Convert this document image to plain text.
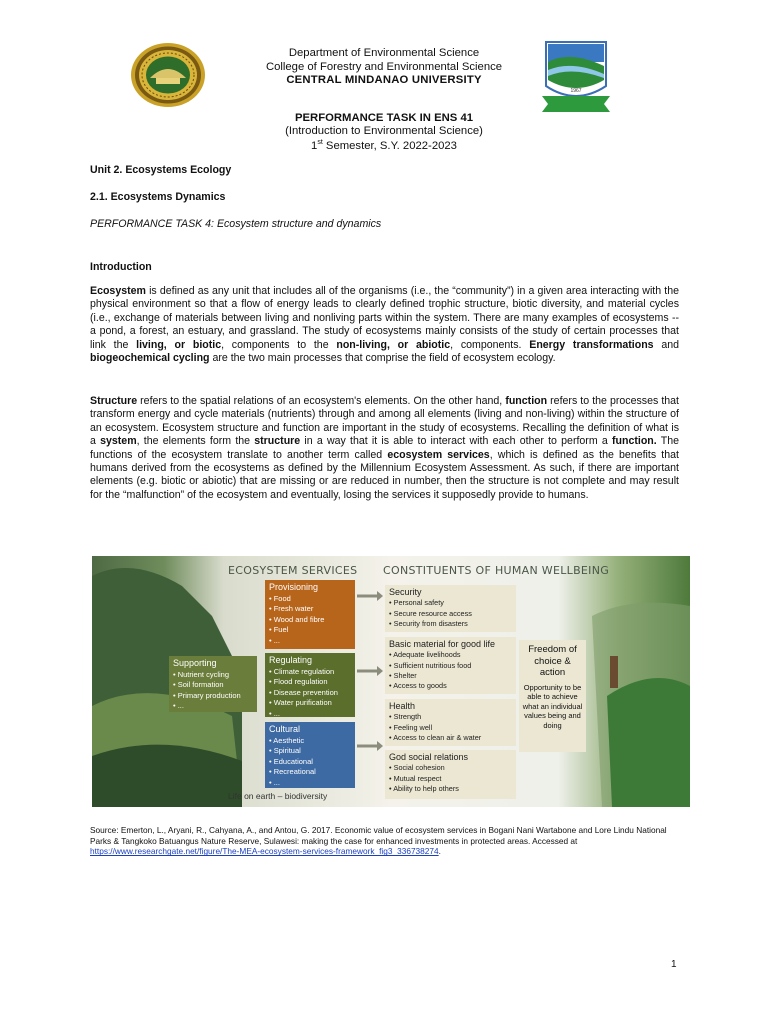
1967
Department of Environmental Science
College of Forestry and Environmental Science
CENTRAL MINDANAO UNIVERSITY
PERFORMANCE TASK IN ENS 41
(Introduction to Environmental Science)
1st Semester, S.Y. 2022-2023
Unit 2. Ecosystems Ecology
2.1. Ecosystems Dynamics
PERFORMANCE TASK 4: Ecosystem structure and dynamics
Introduction
Ecosystem is defined as any unit that includes all of the organisms (i.e., the “community”) in a given area interacting with the physical environment so that a flow of energy leads to clearly defined trophic structure, biotic diversity, and material cycles (i.e., exchange of materials between living and nonliving parts within the system. There are many examples of ecosystems -- a pond, a forest, an estuary, and grassland. The study of ecosystems mainly consists of the study of certain processes that link the living, or biotic, components to the non-living, or abiotic, components. Energy transformations and biogeochemical cycling are the two main processes that comprise the field of ecosystem ecology.
Structure refers to the spatial relations of an ecosystem's elements. On the other hand, function refers to the processes that transform energy and cycle materials (nutrients) through and among all elements (living and non-living) within the structure of an ecosystem. Ecosystem structure and function are important in the study of ecosystems. Recalling the definition of what is a system, the elements form the structure in a way that it is able to interact with each other to perform a function. The functions of the ecosystem translate to another term called ecosystem services, which is defined as the benefits that humans derived from the ecosystems as defined by the Millennium Ecosystem Assessment. As such, if there are important elements (e.g. biotic or abiotic) that are missing or are reduced in number, then the structure is not complete and may result for the “malfunction” of the ecosystem and eventually, losing the services it supposedly provide to humans.
ECOSYSTEM SERVICES CONSTITUENTS OF HUMAN WELLBEING
Provisioning
• Food
• Fresh water
• Wood and fibre
• Fuel
• ...
Supporting
• Nutrient cycling
• Soil formation
• Primary production
• ...
Regulating
• Climate regulation
• Flood regulation
• Disease prevention
• Water purification
• ...
Cultural
• Aesthetic
• Spiritual
• Educational
• Recreational
• ...
Security
• Personal safety
• Secure resource access
• Security from disasters
Basic material for good life
• Adequate livelihoods
• Sufficient nutritious food
• Shelter
• Access to goods
Health
• Strength
• Feeling well
• Access to clean air & water
God social relations
• Social cohesion
• Mutual respect
• Ability to help others
Freedom of choice & action
Opportunity to be able to achieve what an individual values being and doing
Life on earth – biodiversity
Source: Emerton, L., Aryani, R., Cahyana, A., and Antou, G. 2017. Economic value of ecosystem services in Bogani Nani Wartabone and Lore Lindu National Parks & Tangkoko Batuangus Nature Reserve, Sulawesi: making the case for enhanced investments in protected areas. Accessed at https://www.researchgate.net/figure/The-MEA-ecosystem-services-framework_fig3_336738274.
1
